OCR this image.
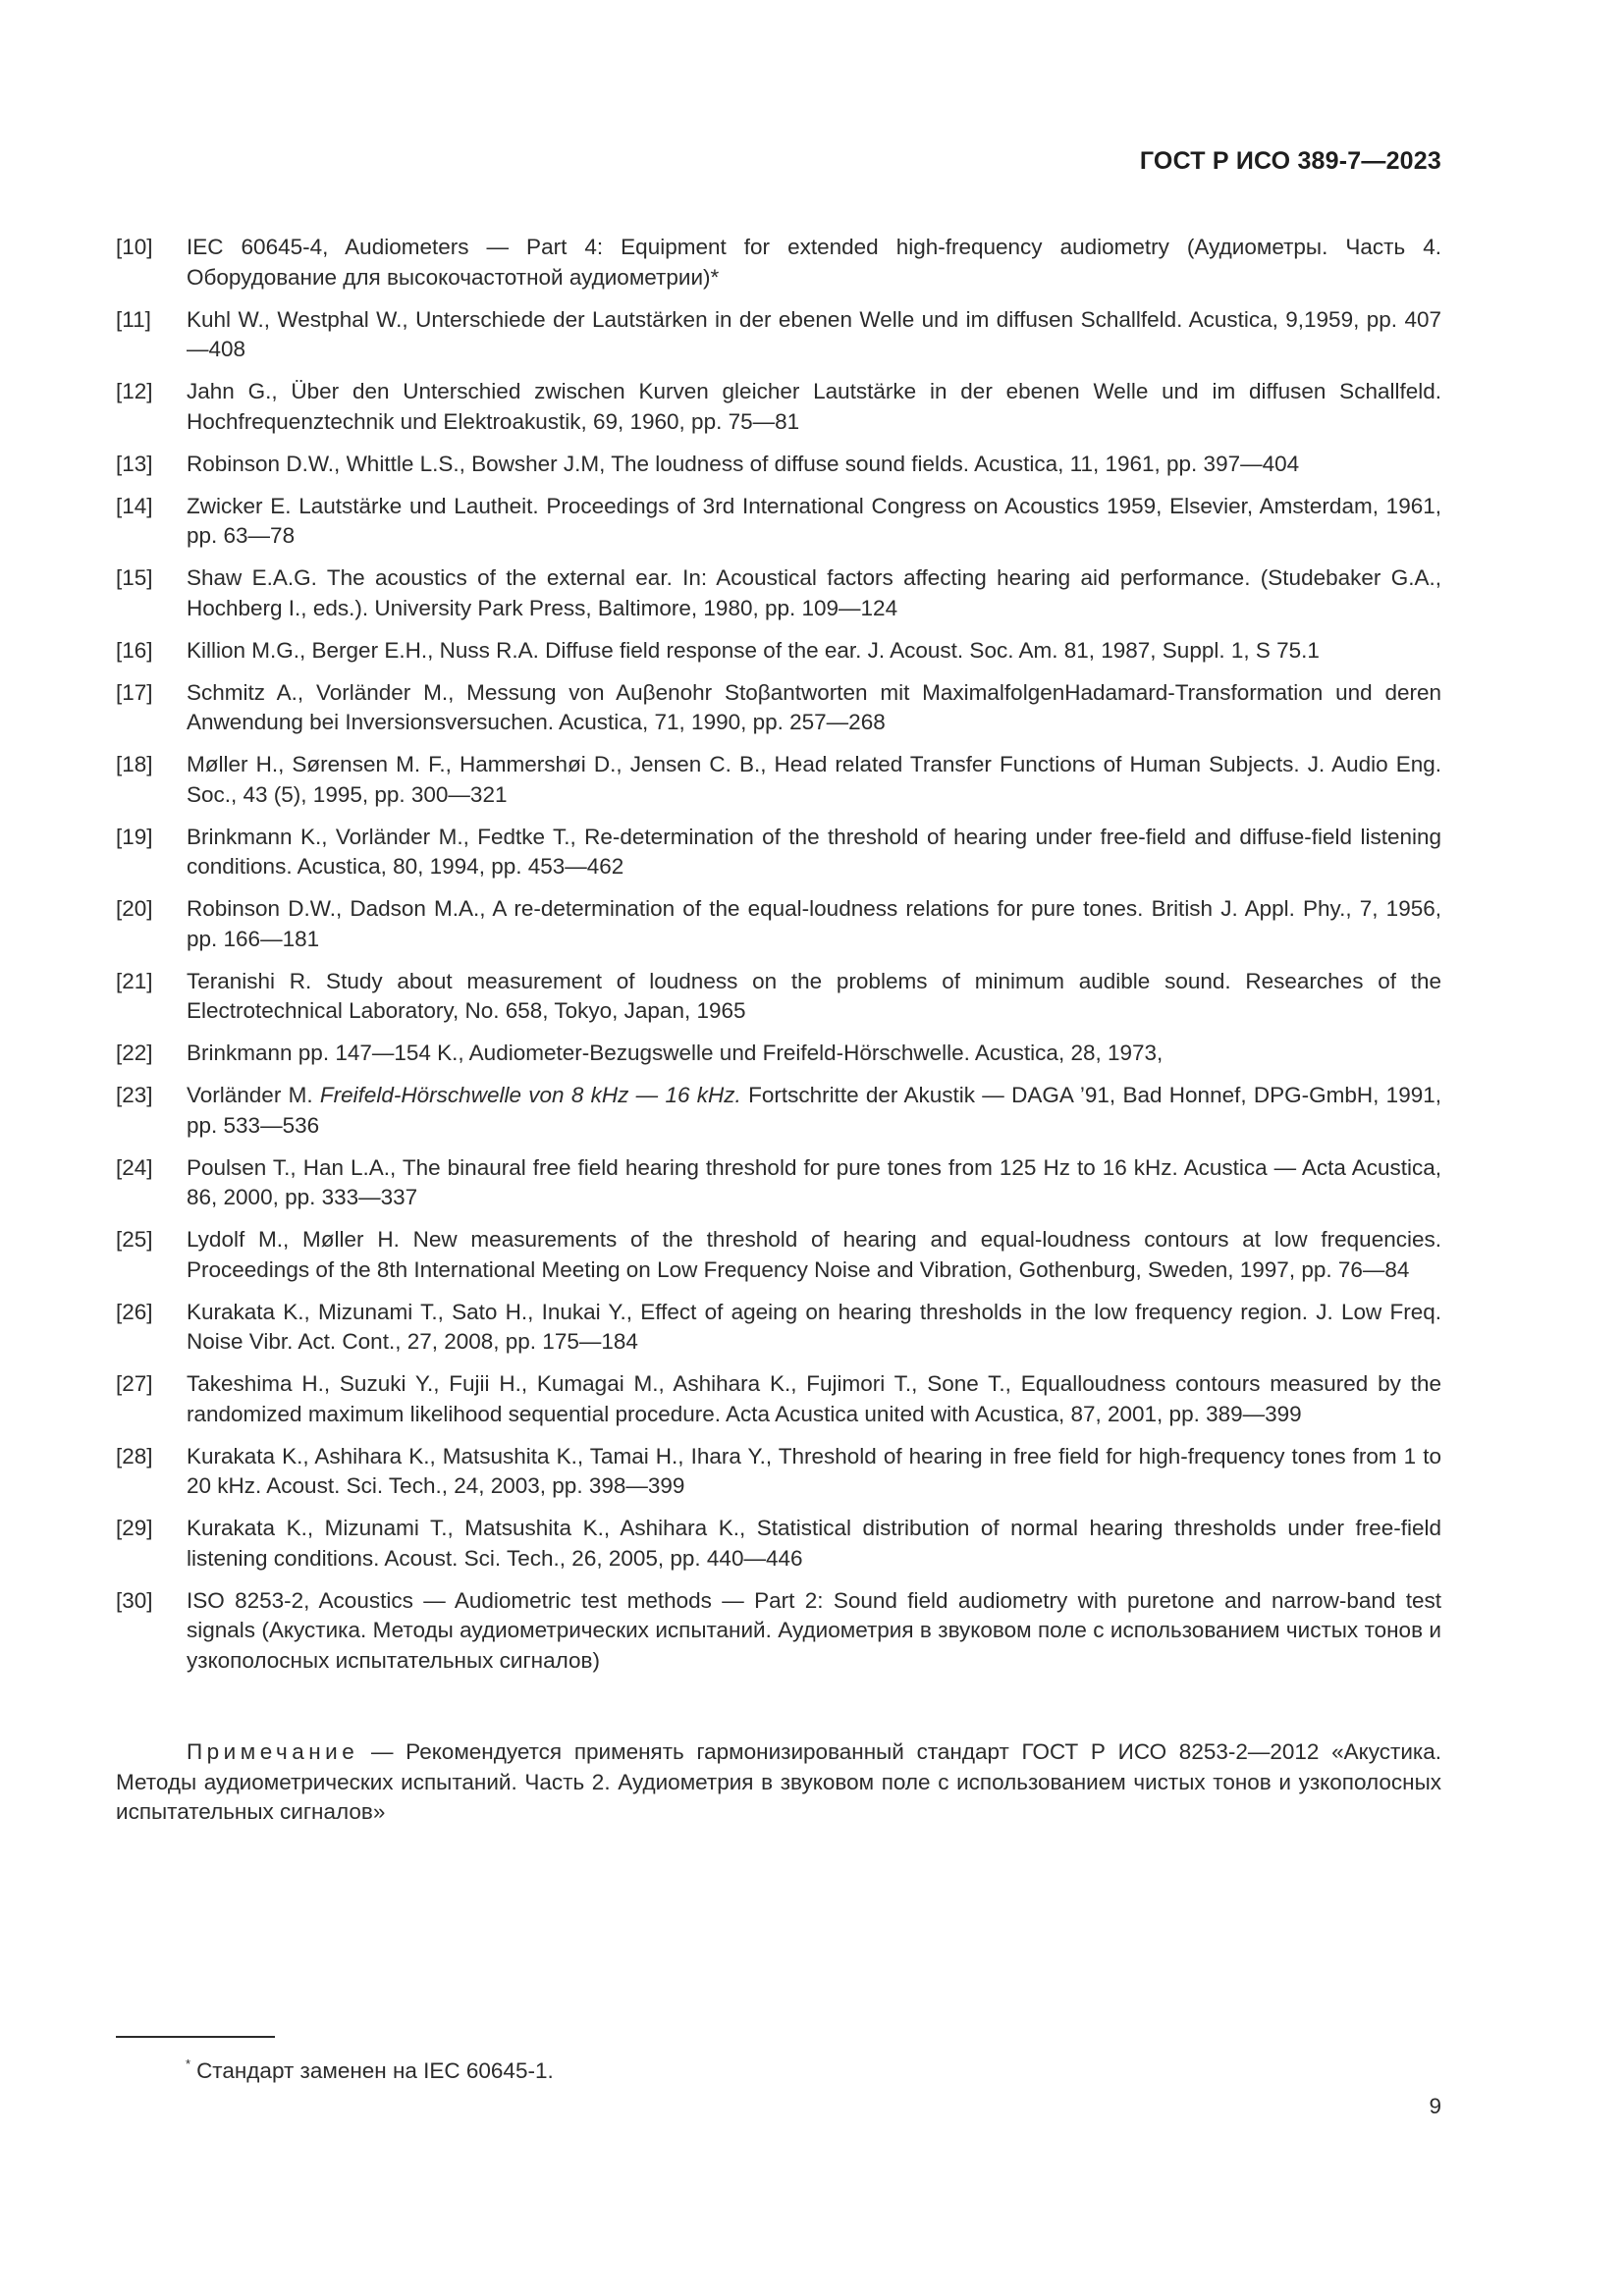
ГОСТ Р ИСО 389-7—2023
[10]	IEC 60645-4, Audiometers — Part 4: Equipment for extended high-frequency audiometry (Аудиометры. Часть 4. Оборудование для высокочастотной аудиометрии)*
[11]	Kuhl W., Westphal W., Unterschiede der Lautstärken in der ebenen Welle und im diffusen Schallfeld. Acustica, 9,1959, pp. 407—408
[12]	Jahn G., Über den Unterschied zwischen Kurven gleicher Lautstärke in der ebenen Welle und im diffusen Schallfeld. Hochfrequenztechnik und Elektroakustik, 69, 1960, pp. 75—81
[13]	Robinson D.W., Whittle L.S., Bowsher J.M, The loudness of diffuse sound fields. Acustica, 11, 1961, pp. 397—404
[14]	Zwicker E. Lautstärke und Lautheit. Proceedings of 3rd International Congress on Acoustics 1959, Elsevier, Amsterdam, 1961, pp. 63—78
[15]	Shaw E.A.G. The acoustics of the external ear. In: Acoustical factors affecting hearing aid performance. (Studebaker G.A., Hochberg I., eds.). University Park Press, Baltimore, 1980, pp. 109—124
[16]	Killion M.G., Berger E.H., Nuss R.A. Diffuse field response of the ear. J. Acoust. Soc. Am. 81, 1987, Suppl. 1, S 75.1
[17]	Schmitz A., Vorländer M., Messung von Auβenohr Stoβantworten mit MaximalfolgenHadamard-Transformation und deren Anwendung bei Inversionsversuchen. Acustica, 71, 1990, pp. 257—268
[18]	Møller H., Sørensen M. F., Hammershøi D., Jensen C. B., Head related Transfer Functions of Human Subjects. J. Audio Eng. Soc., 43 (5), 1995, pp. 300—321
[19]	Brinkmann K., Vorländer M., Fedtke T., Re-determination of the threshold of hearing under free-field and diffuse-field listening conditions. Acustica, 80, 1994, pp. 453—462
[20]	Robinson D.W., Dadson M.A., A re-determination of the equal-loudness relations for pure tones. British J. Appl. Phy., 7, 1956, pp. 166—181
[21]	Teranishi R. Study about measurement of loudness on the problems of minimum audible sound. Researches of the Electrotechnical Laboratory, No. 658, Tokyo, Japan, 1965
[22]	Brinkmann pp. 147—154 K., Audiometer-Bezugswelle und Freifeld-Hörschwelle. Acustica, 28, 1973,
[23]	Vorländer M. Freifeld-Hörschwelle von 8 kHz — 16 kHz. Fortschritte der Akustik — DAGA ’91, Bad Honnef, DPG-GmbH, 1991, pp. 533—536
[24]	Poulsen T., Han L.A., The binaural free field hearing threshold for pure tones from 125 Hz to 16 kHz. Acustica — Acta Acustica, 86, 2000, pp. 333—337
[25]	Lydolf M., Møller H. New measurements of the threshold of hearing and equal-loudness contours at low frequencies. Proceedings of the 8th International Meeting on Low Frequency Noise and Vibration, Gothenburg, Sweden, 1997, pp. 76—84
[26]	Kurakata K., Mizunami T., Sato H., Inukai Y., Effect of ageing on hearing thresholds in the low frequency region. J. Low Freq. Noise Vibr. Act. Cont., 27, 2008, pp. 175—184
[27]	Takeshima H., Suzuki Y., Fujii H., Kumagai M., Ashihara K., Fujimori T., Sone T., Equalloudness contours measured by the randomized maximum likelihood sequential procedure. Acta Acustica united with Acustica, 87, 2001, pp. 389—399
[28]	Kurakata K., Ashihara K., Matsushita K., Tamai H., Ihara Y., Threshold of hearing in free field for high-frequency tones from 1 to 20 kHz. Acoust. Sci. Tech., 24, 2003, pp. 398—399
[29]	Kurakata K., Mizunami T., Matsushita K., Ashihara K., Statistical distribution of normal hearing thresholds under free-field listening conditions. Acoust. Sci. Tech., 26, 2005, pp. 440—446
[30]	ISO 8253-2, Acoustics — Audiometric test methods — Part 2: Sound field audiometry with puretone and narrow-band test signals (Акустика. Методы аудиометрических испытаний. Аудиометрия в звуковом поле с использованием чистых тонов и узкополосных испытательных сигналов)
Примечание — Рекомендуется применять гармонизированный стандарт ГОСТ Р ИСО 8253-2—2012 «Акустика. Методы аудиометрических испытаний. Часть 2. Аудиометрия в звуковом поле с использованием чистых тонов и узкополосных испытательных сигналов»
* Стандарт заменен на IEC 60645-1.
9
